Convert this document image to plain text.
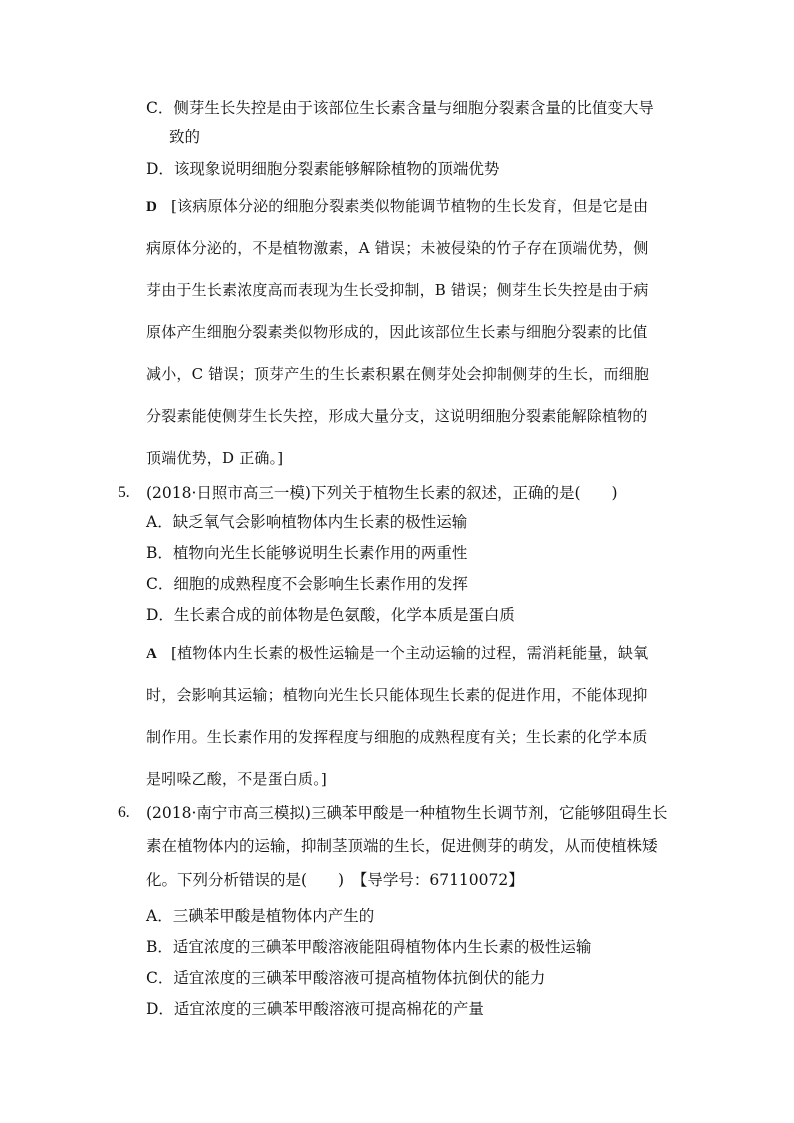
C．侧芽生长失控是由于该部位生长素含量与细胞分裂素含量的比值变大导
致的
D．该现象说明细胞分裂素能够解除植物的顶端优势
D [该病原体分泌的细胞分裂素类似物能调节植物的生长发育，但是它是由
病原体分泌的，不是植物激素，A 错误；未被侵染的竹子存在顶端优势，侧
芽由于生长素浓度高而表现为生长受抑制，B 错误；侧芽生长失控是由于病
原体产生细胞分裂素类似物形成的，因此该部位生长素与细胞分裂素的比值
减小，C 错误；顶芽产生的生长素积累在侧芽处会抑制侧芽的生长，而细胞
分裂素能使侧芽生长失控，形成大量分支，这说明细胞分裂素能解除植物的
顶端优势，D 正确。]
5. (2018·日照市高三一模)下列关于植物生长素的叙述，正确的是(　　)
A．缺乏氧气会影响植物体内生长素的极性运输
B．植物向光生长能够说明生长素作用的两重性
C．细胞的成熟程度不会影响生长素作用的发挥
D．生长素合成的前体物是色氨酸，化学本质是蛋白质
A [植物体内生长素的极性运输是一个主动运输的过程，需消耗能量，缺氧
时，会影响其运输；植物向光生长只能体现生长素的促进作用，不能体现抑
制作用。生长素作用的发挥程度与细胞的成熟程度有关；生长素的化学本质
是吲哚乙酸，不是蛋白质。]
6. (2018·南宁市高三模拟)三碘苯甲酸是一种植物生长调节剂，它能够阻碍生长
素在植物体内的运输，抑制茎顶端的生长，促进侧芽的萌发，从而使植株矮
化。下列分析错误的是(　　)　【导学号：67110072】
A．三碘苯甲酸是植物体内产生的
B．适宜浓度的三碘苯甲酸溶液能阻碍植物体内生长素的极性运输
C．适宜浓度的三碘苯甲酸溶液可提高植物体抗倒伏的能力
D．适宜浓度的三碘苯甲酸溶液可提高棉花的产量
